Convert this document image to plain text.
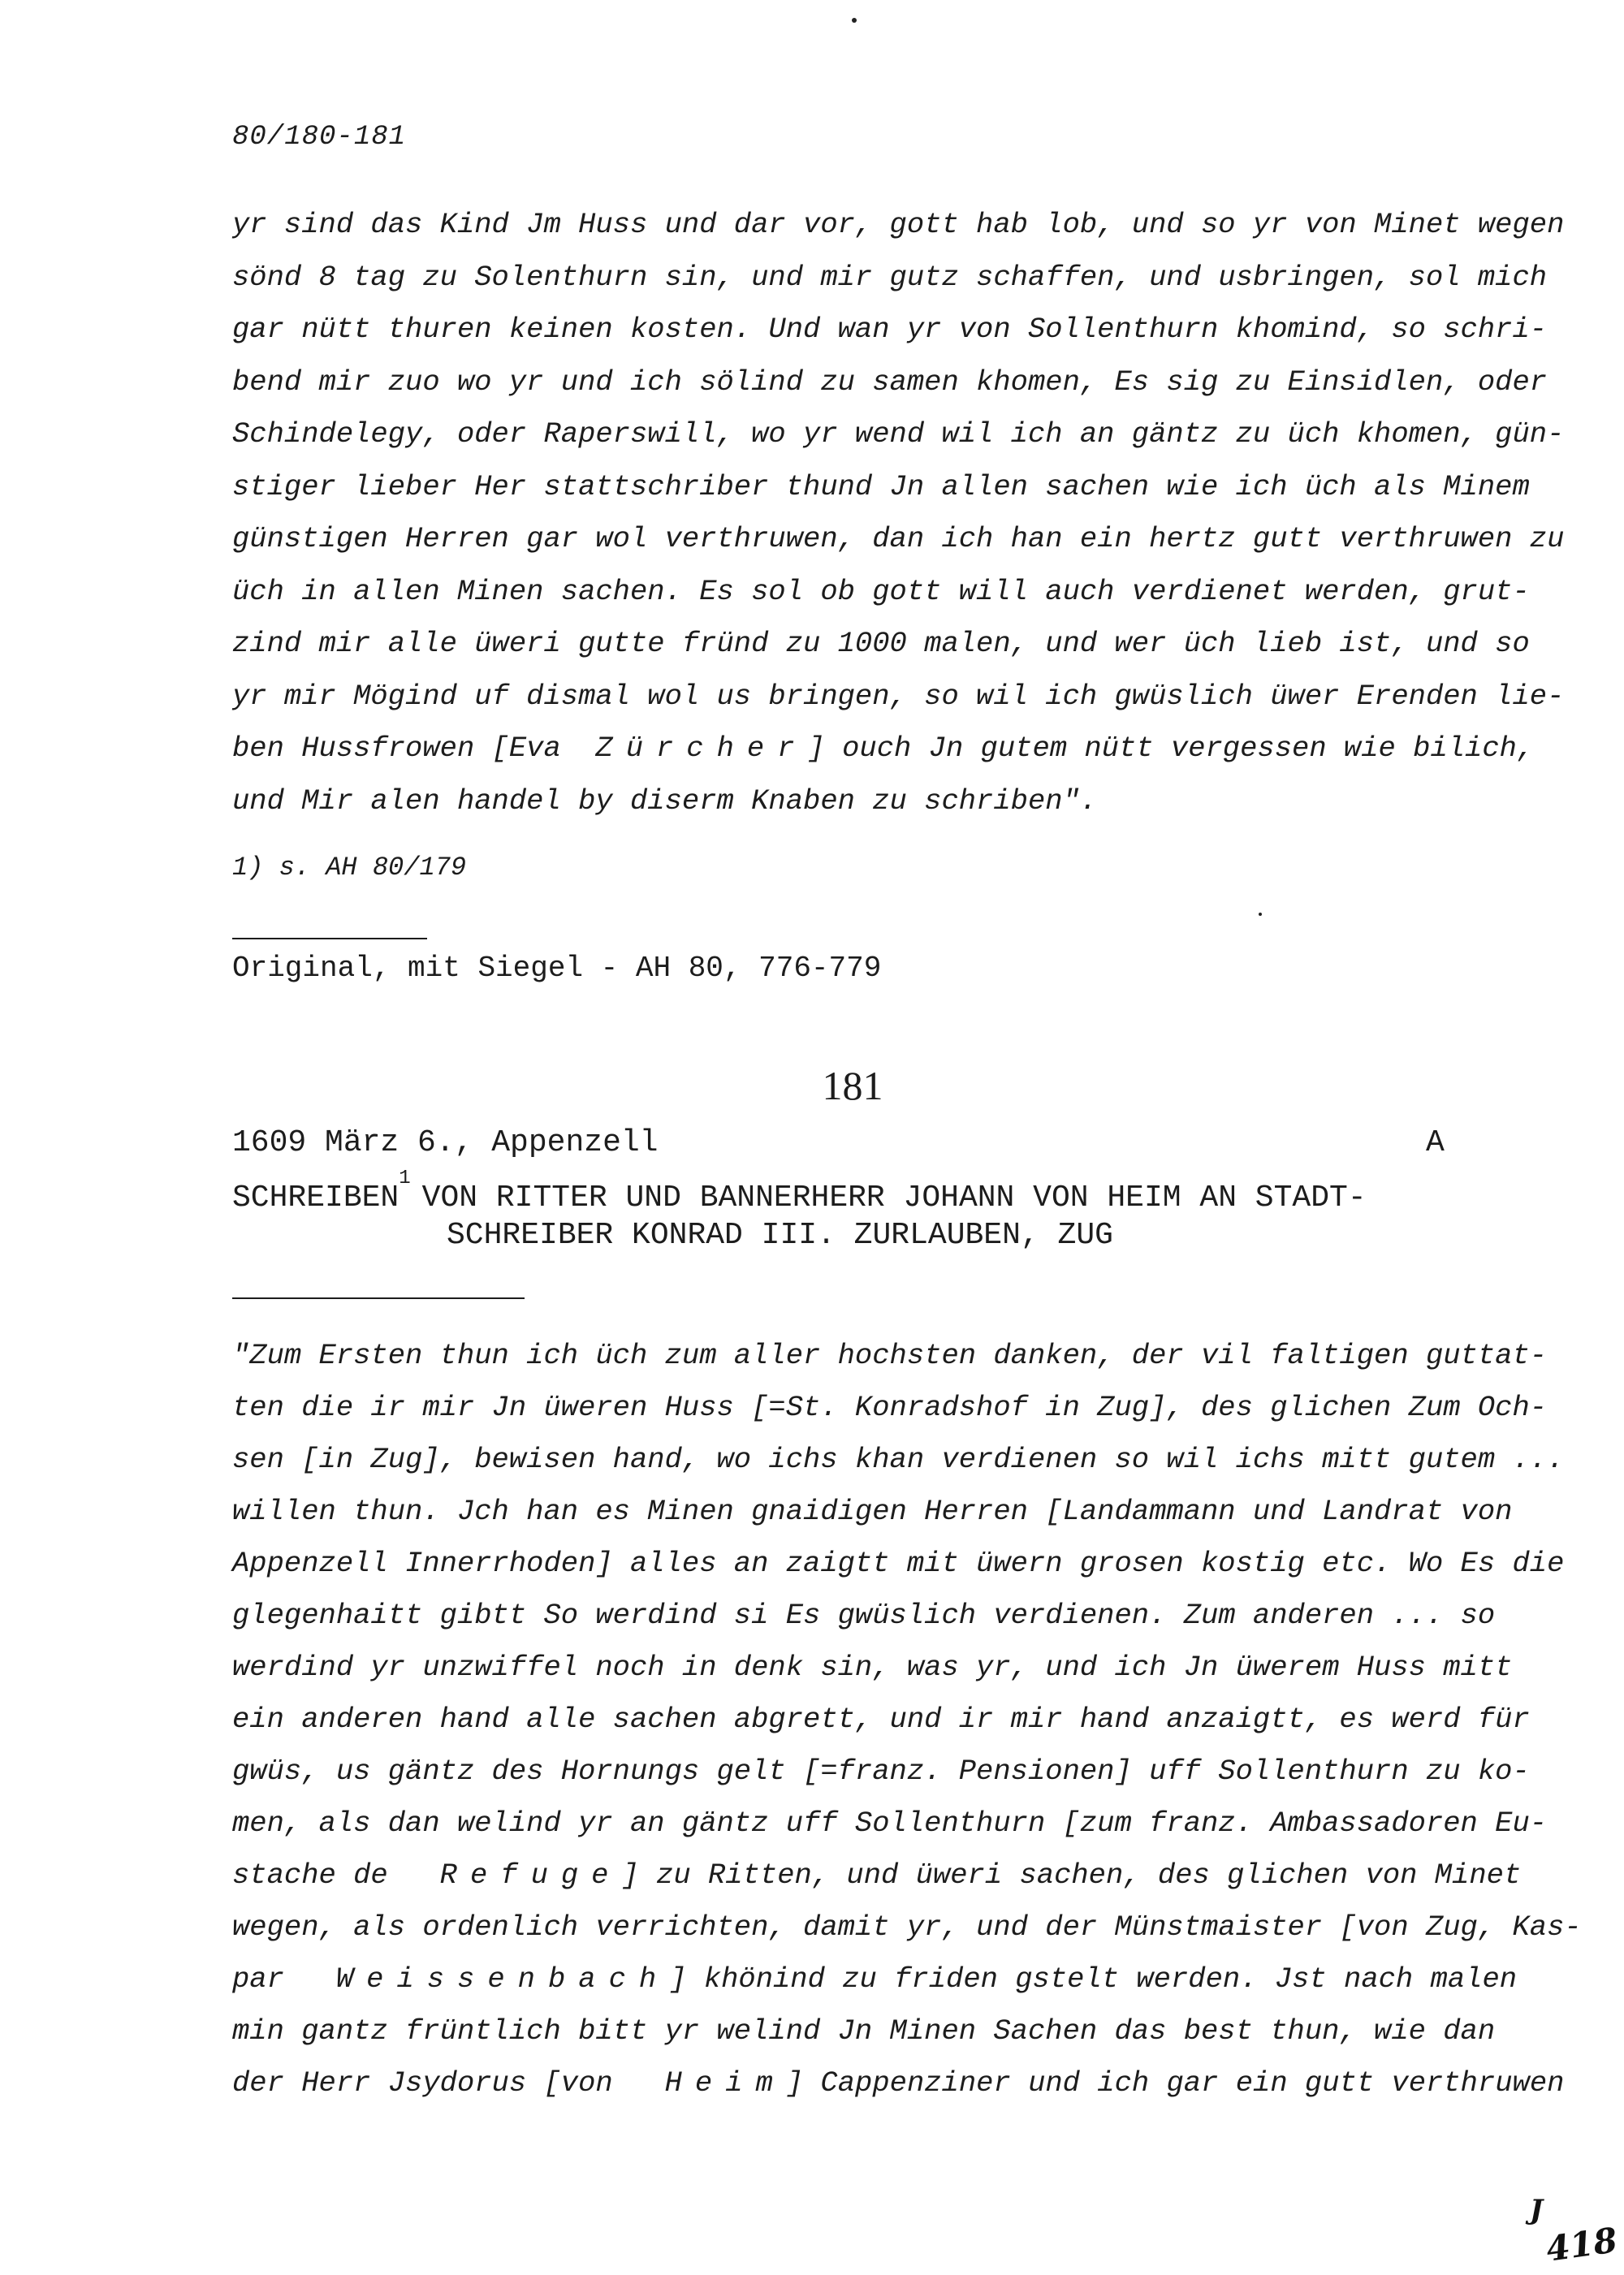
80/180-181
yr sind das Kind Jm Huss und dar vor, gott hab lob, und so yr von Minet wegen
sönd 8 tag zu Solenthurn sin, und mir gutz schaffen, und usbringen, sol mich
gar nütt thuren keinen kosten. Und wan yr von Sollenthurn khomind, so schri-
bend mir zuo wo yr und ich sölind zu samen khomen, Es sig zu Einsidlen, oder
Schindelegy, oder Raperswill, wo yr wend wil ich an gäntz zu üch khomen, gün-
stiger lieber Her stattschriber thund Jn allen sachen wie ich üch als Minem
günstigen Herren gar wol verthruwen, dan ich han ein hertz gutt verthruwen zu
üch in allen Minen sachen. Es sol ob gott will auch verdienet werden, grut-
zind mir alle üweri gutte fründ zu 1000 malen, und wer üch lieb ist, und so
yr mir Mögind uf dismal wol us bringen, so wil ich gwüslich üwer Erenden lie-
ben Hussfrowen [Eva Zürcher] ouch Jn gutem nütt vergessen wie bilich,
und Mir alen handel by diserm Knaben zu schriben".
1) s. AH 80/179
Original, mit Siegel - AH 80, 776-779
181
1609 März 6., Appenzell	A
SCHREIBEN$^1$VON RITTER UND BANNERHERR JOHANN VON HEIM AN STADT-
SCHREIBER KONRAD III. ZURLAUBEN, ZUG
"Zum Ersten thun ich üch zum aller hochsten danken, der vil faltigen guttat-
ten die ir mir Jn üweren Huss [=St. Konradshof in Zug], des glichen Zum Och-
sen [in Zug], bewisen hand, wo ichs khan verdienen so wil ichs mitt gutem ...
willen thun. Jch han es Minen gnaidigen Herren [Landammann und Landrat von
Appenzell Innerrhoden] alles an zaigtt mit üwern grosen kostig etc. Wo Es die
glegenhaitt gibtt So werdind si Es gwüslich verdienen. Zum anderen ... so
werdind yr unzwiffel noch in denk sin, was yr, und ich Jn üwerem Huss mitt
ein anderen hand alle sachen abgrett, und ir mir hand anzaigtt, es werd für
gwüs, us gäntz des Hornungs gelt [=franz. Pensionen] uff Sollenthurn zu ko-
men, als dan welind yr an gäntz uff Sollenthurn [zum franz. Ambassadoren Eu-
stache de Refuge] zu Ritten, und üweri sachen, des glichen von Minet
wegen, als ordenlich verrichten, damit yr, und der Münstmaister [von Zug, Kas-
par Weissenbach] khönind zu friden gstelt werden. Jst nach malen
min gantz früntlich bitt yr welind Jn Minen Sachen das best thun, wie dan
der Herr Jsydorus [von Heim] Cappenziner und ich gar ein gutt verthruwen
J
418
